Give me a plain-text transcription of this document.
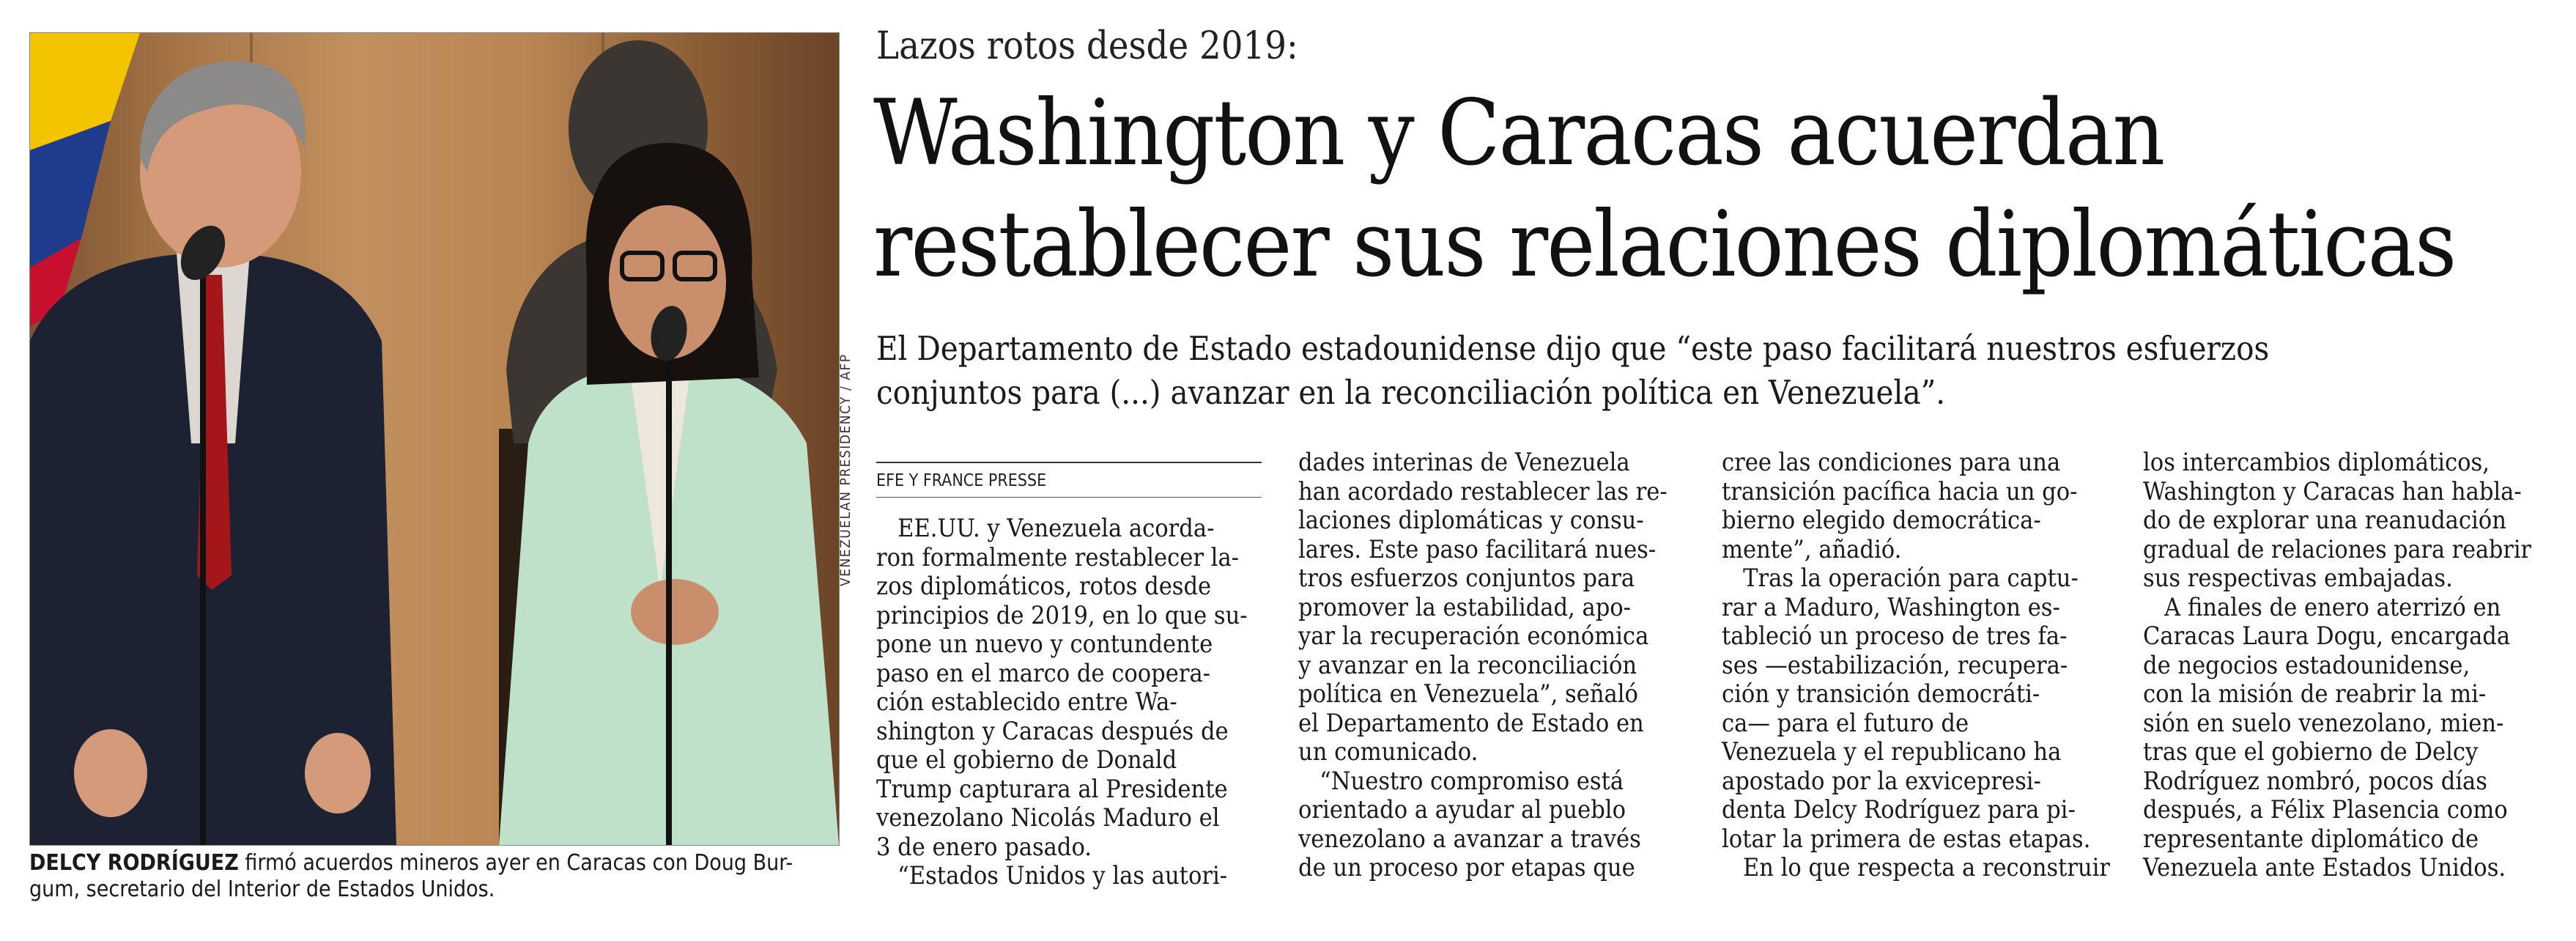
VENEZUELAN PRESIDENCY / AFP
DELCY RODRÍGUEZ firmó acuerdos mineros ayer en Caracas con Doug Bur-
gum, secretario del Interior de Estados Unidos.
Lazos rotos desde 2019:
Washington y Caracas acuerdan
restablecer sus relaciones diplomáticas
El Departamento de Estado estadounidense dijo que “este paso facilitará nuestros esfuerzos
conjuntos para (...) avanzar en la reconciliación política en Venezuela”.
EFE Y FRANCE PRESSE
EE.UU. y Venezuela acorda-
ron formalmente restablecer la-
zos diplomáticos, rotos desde
principios de 2019, en lo que su-
pone un nuevo y contundente
paso en el marco de cooperа-
ción establecido entre Wa-
shington y Caracas después de
que el gobierno de Donald
Trump capturara al Presidente
venezolano Nicolás Maduro el
3 de enero pasado.
“Estados Unidos y las autori-
dades interinas de Venezuela
han acordado restablecer las re-
laciones diplomáticas y consu-
lares. Este paso facilitará nues-
tros esfuerzos conjuntos para
promover la estabilidad, apo-
yar la recuperación económica
y avanzar en la reconciliación
política en Venezuela”, señaló
el Departamento de Estado en
un comunicado.
“Nuestro compromiso está
orientado a ayudar al pueblo
venezolano a avanzar a través
de un proceso por etapas que
cree las condiciones para una
transición pacífica hacia un go-
bierno elegido democrática-
mente”, añadió.
Tras la operación para captu-
rar a Maduro, Washington es-
tableció un proceso de tres fa-
ses —estabilización, recupera-
ción y transición democráti-
ca— para el futuro de
Venezuela y el republicano ha
apostado por la exvicepresi-
denta Delcy Rodríguez para pi-
lotar la primera de estas etapas.
En lo que respecta a reconstruir
los intercambios diplomáticos,
Washington y Caracas han habla-
do de explorar una reanudación
gradual de relaciones para reabrir
sus respectivas embajadas.
A finales de enero aterrizó en
Caracas Laura Dogu, encargada
de negocios estadounidense,
con la misión de reabrir la mi-
sión en suelo venezolano, mien-
tras que el gobierno de Delcy
Rodríguez nombró, pocos días
después, a Félix Plasencia como
representante diplomático de
Venezuela ante Estados Unidos.
